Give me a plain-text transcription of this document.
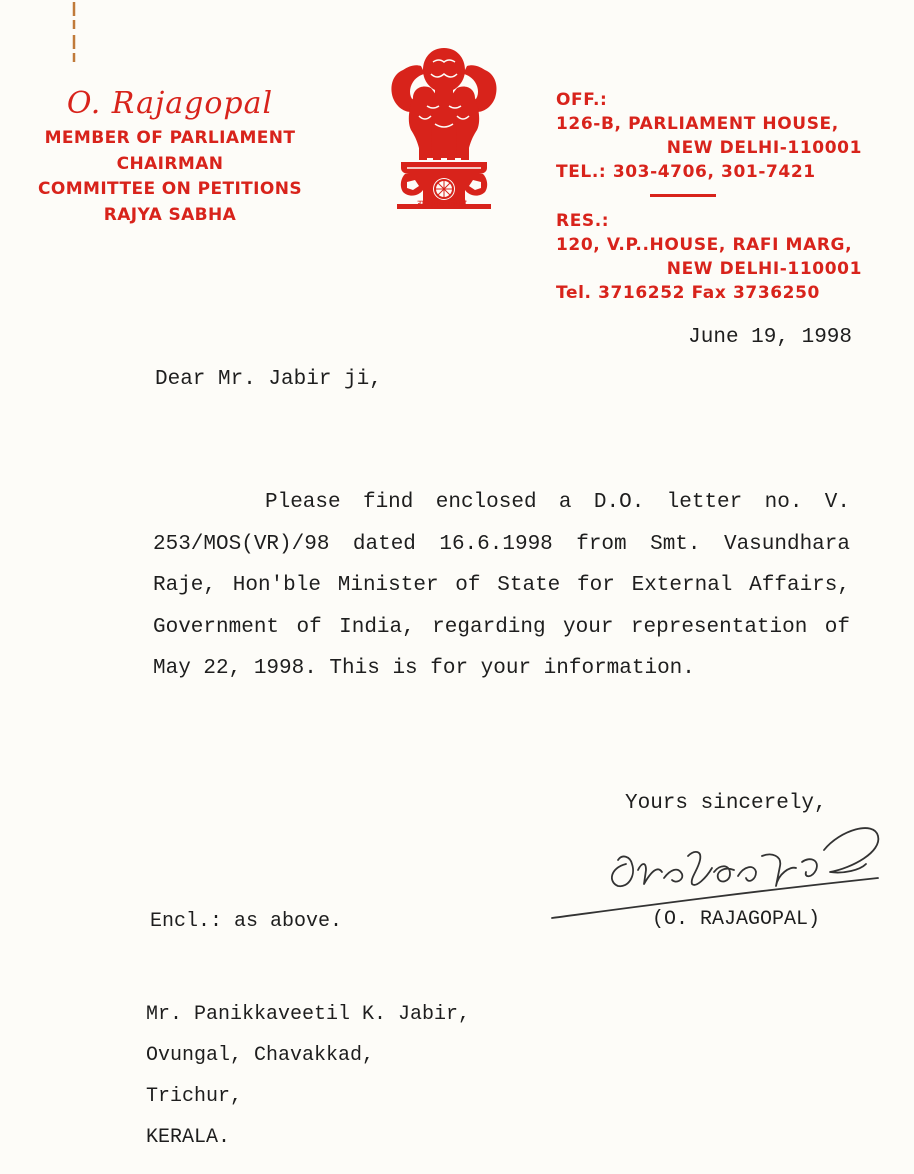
O. Rajagopal
MEMBER OF PARLIAMENT
CHAIRMAN
COMMITTEE ON PETITIONS
RAJYA SABHA	सत्यमेव जयते
OFF.:
126-B, PARLIAMENT HOUSE,
NEW DELHI-110001
TEL.: 303-4706, 301-7421
RES.:
120, V.P..HOUSE, RAFI MARG,
NEW DELHI-110001
Tel. 3716252 Fax 3736250
June 19, 1998
Dear Mr. Jabir ji,

Please find enclosed a D.O. letter no. V. 253/MOS(VR)/98 dated 16.6.1998 from Smt. Vasundhara Raje, Hon'ble Minister of State for External Affairs, Government of India, regarding your representation of May 22, 1998. This is for your information.

Yours sincerely,
(O. RAJAGOPAL)
Encl.: as above.
Mr. Panikkaveetil K. Jabir,
Ovungal, Chavakkad,
Trichur,
KERALA.
